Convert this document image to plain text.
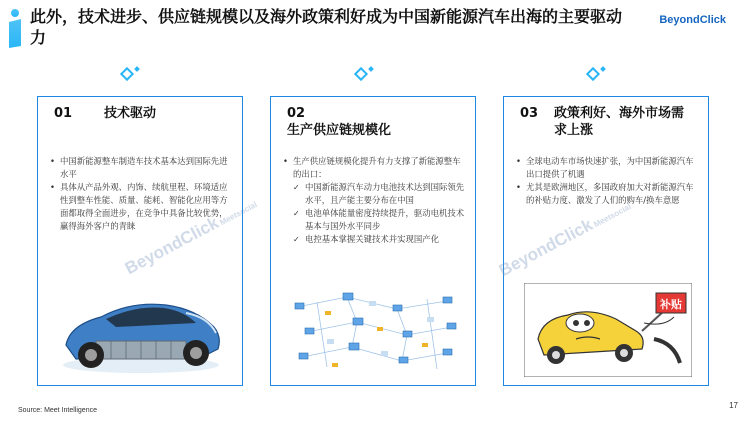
此外，技术进步、供应链规模以及海外政策利好成为中国新能源汽车出海的主要驱动力
BeyondClick
01 技术驱动
• 中国新能源整车制造车技术基本达到国际先进水平
• 具体从产品外观、内饰、续航里程、环境适应性到整车性能、质量、能耗、智能化应用等方面都取得全面进步，在竞争中具备比较优势，赢得海外客户的青睐
02生产供应链规模化
• 生产供应链规模化提升有力支撑了新能源整车的出口：
✓ 中国新能源汽车动力电池技术达到国际领先水平，且产能主要分布在中国
✓ 电池单体能量密度持续提升，驱动电机技术基本与国外水平同步
✓ 电控基本掌握关键技术并实现国产化
03 政策利好、海外市场需求上涨
• 全球电动车市场快速扩张，为中国新能源汽车出口提供了机遇
• 尤其是欧洲地区，多国政府加大对新能源汽车的补贴力度、激发了人们的购车/换车意愿
补贴
BeyondClickMeetsocial
BeyondClickMeetsocial
Source: Meet Intelligence
17
